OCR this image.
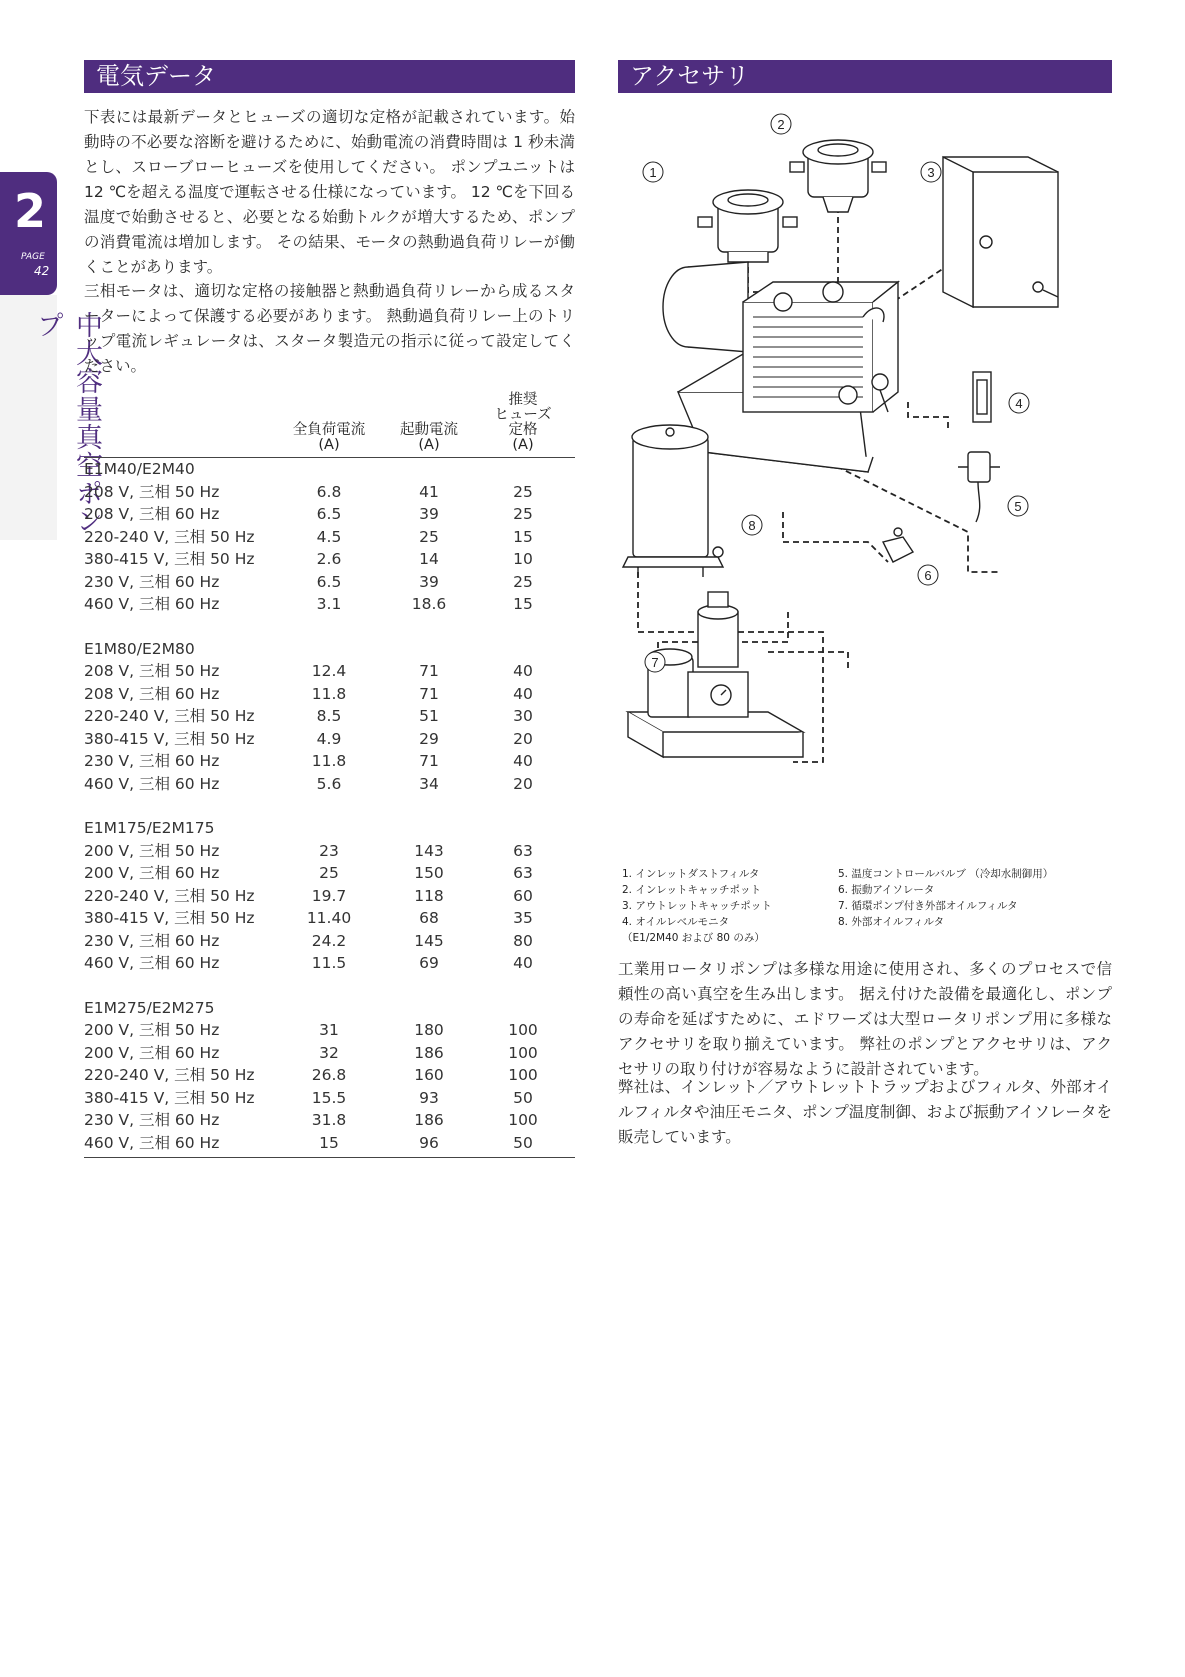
2
PAGE
42
中大容量真空ポンプ
電気データ
下表には最新データとヒューズの適切な定格が記載されています。始動時の不必要な溶断を避けるために、始動電流の消費時間は 1 秒未満とし、スローブローヒューズを使用してください。 ポンプユニットは 12 ℃を超える温度で運転させる仕様になっています。 12 ℃を下回る温度で始動させると、必要となる始動トルクが増大するため、ポンプの消費電流は増加します。 その結果、モータの熱動過負荷リレーが働くことがあります。
三相モータは、適切な定格の接触器と熱動過負荷リレーから成るスターターによって保護する必要があります。 熱動過負荷リレー上のトリップ電流レギュレータは、スタータ製造元の指示に従って設定してください。
全負荷電流
(A)
起動電流
(A)
推奨
ヒューズ
定格
(A)
E1M40/E2M40
208 V, 三相 50 Hz	6.8	41	25
208 V, 三相 60 Hz	6.5	39	25
220-240 V, 三相 50 Hz	4.5	25	15
380-415 V, 三相 50 Hz	2.6	14	10
230 V, 三相 60 Hz	6.5	39	25
460 V, 三相 60 Hz	3.1	18.6	15
E1M80/E2M80
208 V, 三相 50 Hz	12.4	71	40
208 V, 三相 60 Hz	11.8	71	40
220-240 V, 三相 50 Hz	8.5	51	30
380-415 V, 三相 50 Hz	4.9	29	20
230 V, 三相 60 Hz	11.8	71	40
460 V, 三相 60 Hz	5.6	34	20
E1M175/E2M175
200 V, 三相 50 Hz	23	143	63
200 V, 三相 60 Hz	25	150	63
220-240 V, 三相 50 Hz	19.7	118	60
380-415 V, 三相 50 Hz	11.40	68	35
230 V, 三相 60 Hz	24.2	145	80
460 V, 三相 60 Hz	11.5	69	40
E1M275/E2M275
200 V, 三相 50 Hz	31	180	100
200 V, 三相 60 Hz	32	186	100
220-240 V, 三相 50 Hz	26.8	160	100
380-415 V, 三相 50 Hz	15.5	93	50
230 V, 三相 60 Hz	31.8	186	100
460 V, 三相 60 Hz	15	96	50
アクセサリ
1
2
3
4
5
6
7
8
1. インレットダストフィルタ
2. インレットキャッチポット
3. アウトレットキャッチポット
4. オイルレベルモニタ
（E1/2M40 および 80 のみ）
5. 温度コントロールバルブ （冷却水制御用）
6. 振動アイソレータ
7. 循環ポンプ付き外部オイルフィルタ
8. 外部オイルフィルタ
工業用ロータリポンプは多様な用途に使用され、多くのプロセスで信頼性の高い真空を生み出します。 据え付けた設備を最適化し、ポンプの寿命を延ばすために、エドワーズは大型ロータリポンプ用に多様なアクセサリを取り揃えています。 弊社のポンプとアクセサリは、アクセサリの取り付けが容易なように設計されています。
弊社は、インレット／アウトレットトラップおよびフィルタ、外部オイルフィルタや油圧モニタ、ポンプ温度制御、および振動アイソレータを販売しています。
